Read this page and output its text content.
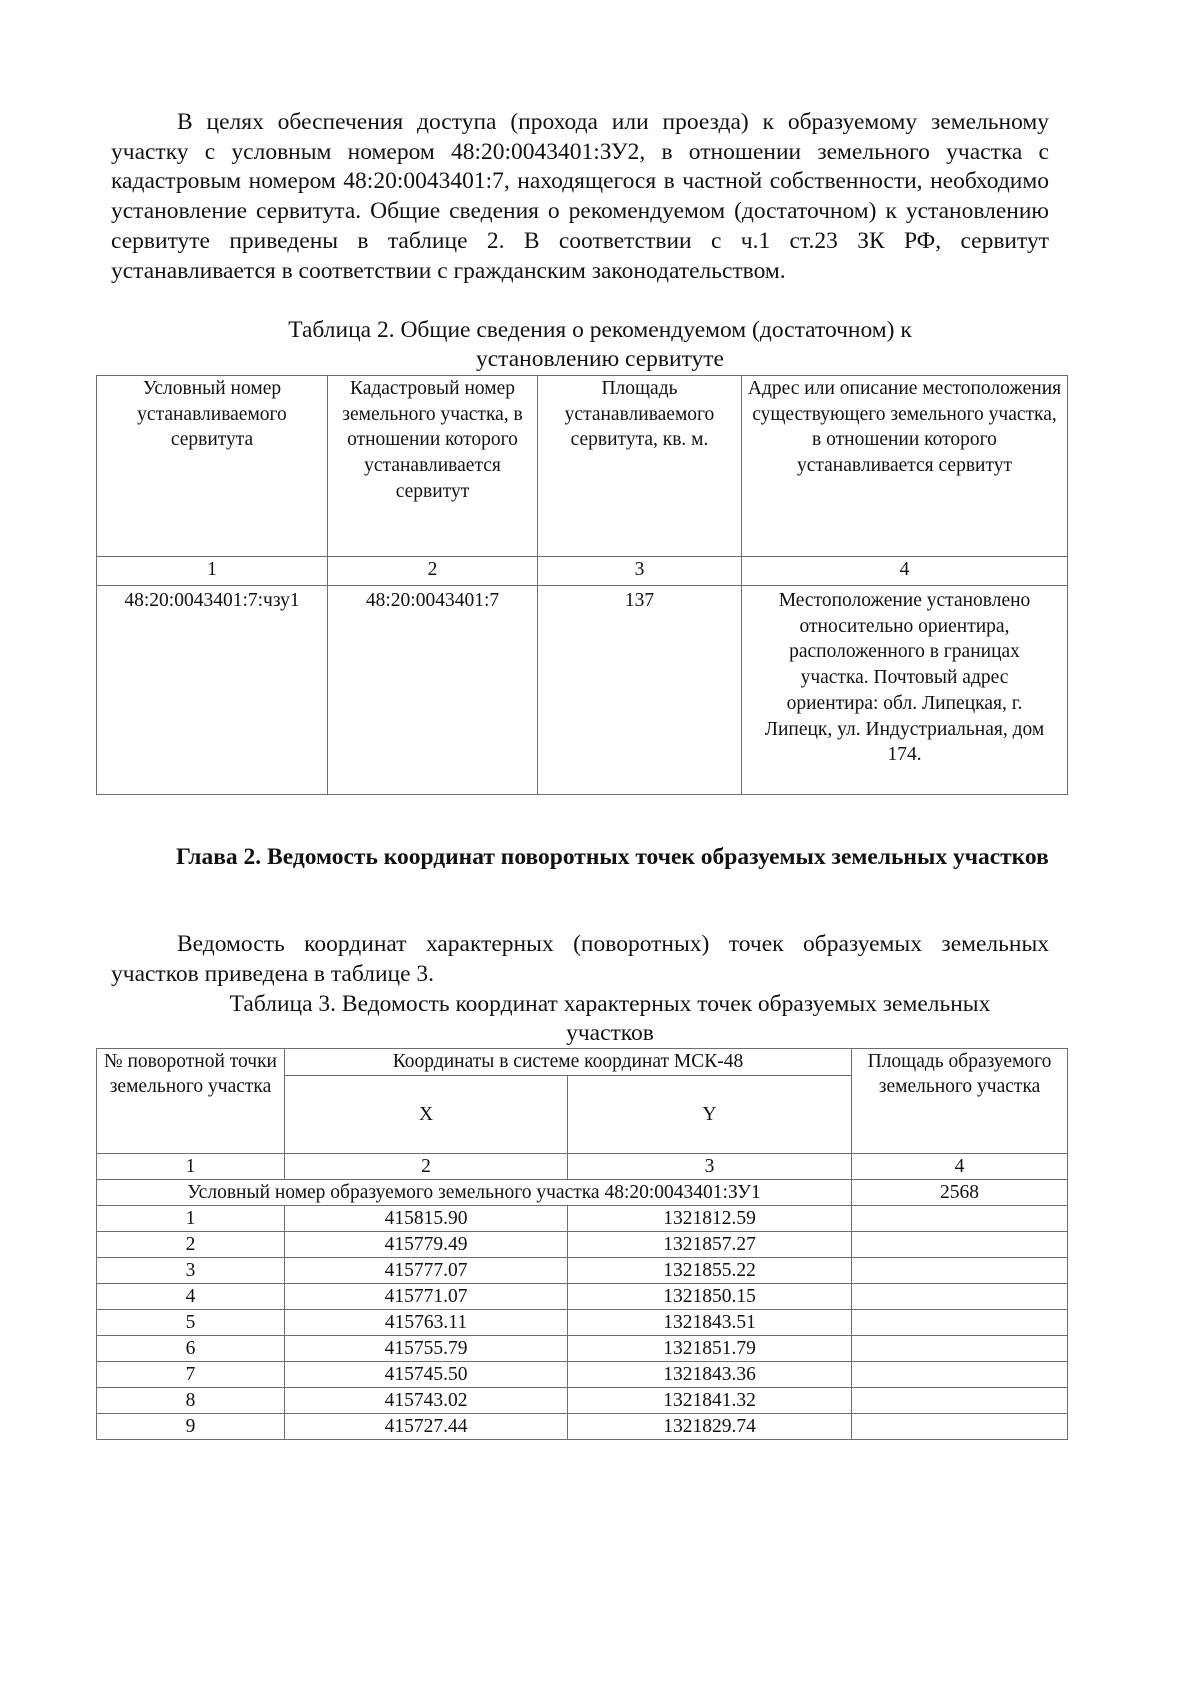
В целях обеспечения доступа (прохода или проезда) к образуемому земельному участку с условным номером 48:20:0043401:ЗУ2, в отношении земельного участка с кадастровым номером 48:20:0043401:7, находящегося в частной собственности, необходимо установление сервитута. Общие сведения о рекомендуемом (достаточном) к установлению сервитуте приведены в таблице 2. В соответствии с ч.1 ст.23 ЗК РФ, сервитут устанавливается в соответствии с гражданским законодательством.

Таблица 2. Общие сведения о рекомендуемом (достаточном) к
установлению сервитуте

Условный номер устанавливаемого сервитута	Кадастровый номер земельного участка, в отношении которого устанавливается сервитут	Площадь устанавливаемого сервитута, кв. м.	Адрес или описание местоположения существующего земельного участка, в отношении которого устанавливается сервитут
1	2	3	4
48:20:0043401:7:чзу1	48:20:0043401:7	137	Местоположение установлено относительно ориентира, расположенного в границах участка. Почтовый адрес ориентира: обл. Липецкая, г. Липецк, ул. Индустриальная, дом 174.

Глава 2. Ведомость координат поворотных точек образуемых земельных участков

Ведомость координат характерных (поворотных) точек образуемых земельных участков приведена в таблице 3.

Таблица 3. Ведомость координат характерных точек образуемых земельных
участков

№ поворотной точки земельного участка	Координаты в системе координат МСК-48		Площадь образуемого земельного участка
	X	Y	
1	2	3	4
Условный номер образуемого земельного участка 48:20:0043401:ЗУ1			2568
1	415815.90	1321812.59	
2	415779.49	1321857.27	
3	415777.07	1321855.22	
4	415771.07	1321850.15	
5	415763.11	1321843.51	
6	415755.79	1321851.79	
7	415745.50	1321843.36	
8	415743.02	1321841.32	
9	415727.44	1321829.74	
